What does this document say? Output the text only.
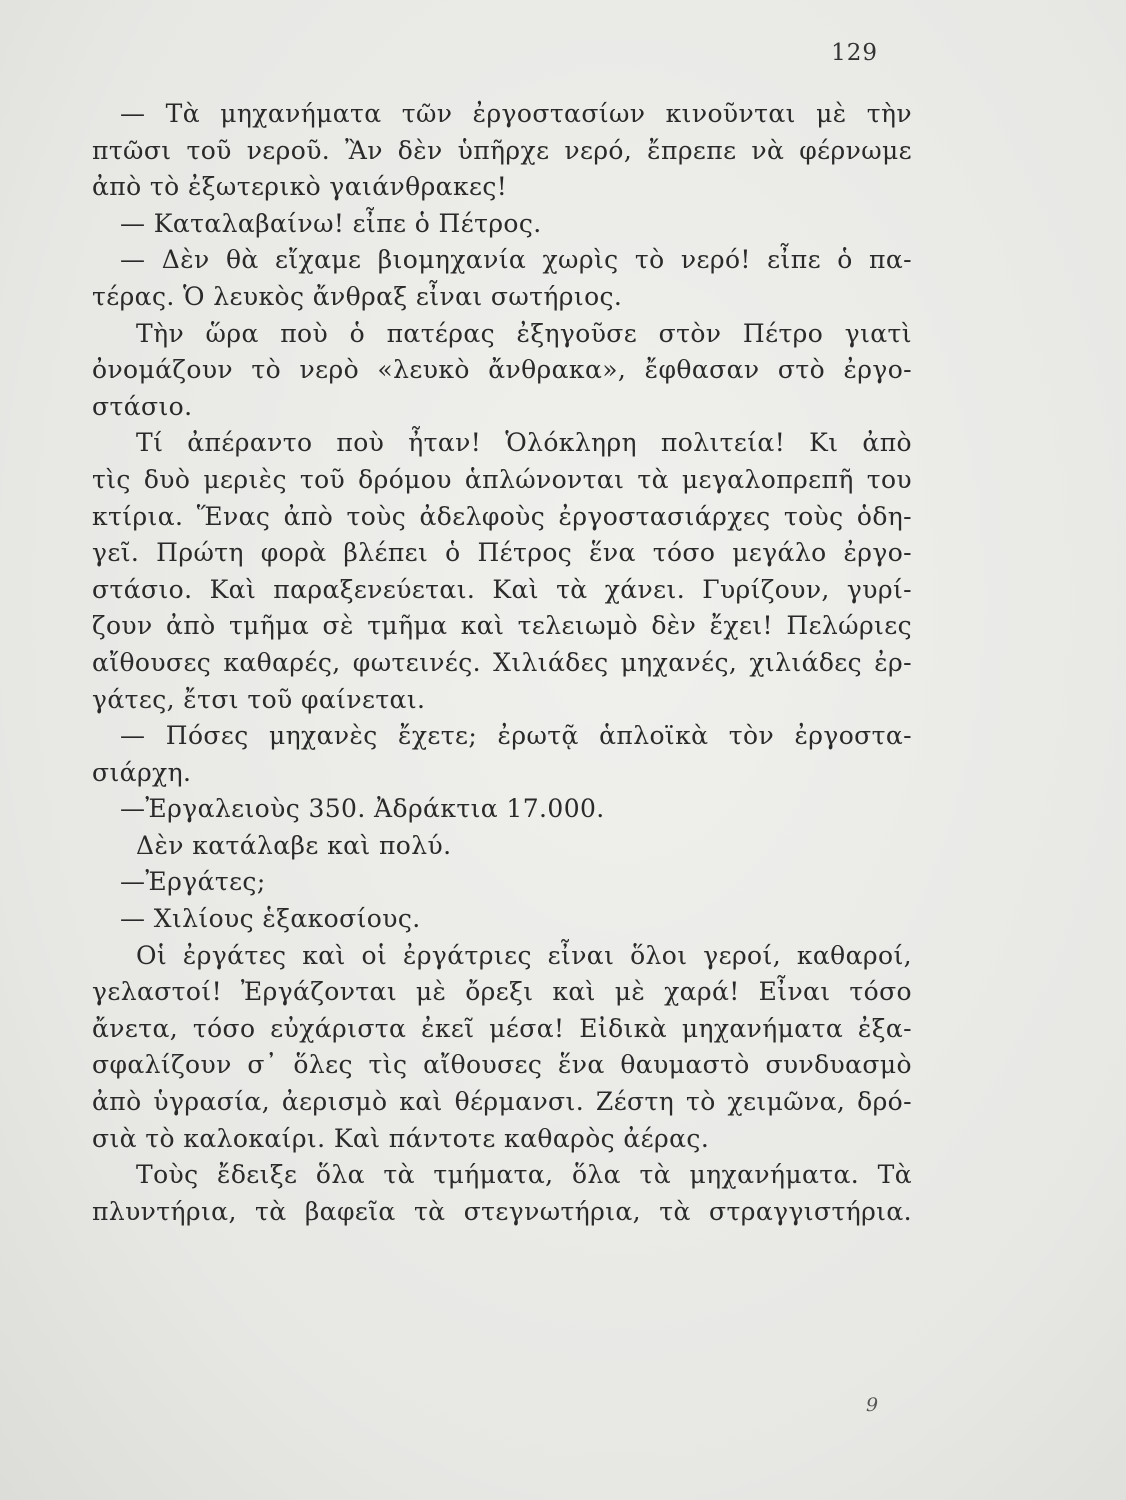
129
— Τὰ μηχανήματα τῶν ἐργοστασίων κινοῦνται μὲ τὴν
πτῶσι τοῦ νεροῦ. Ἂν δὲν ὑπῆρχε νερό, ἔπρεπε νὰ φέρνωμε
ἀπὸ τὸ ἐξωτερικὸ γαιάνθρακες!
— Καταλαβαίνω! εἶπε ὁ Πέτρος.
— Δὲν θὰ εἴχαμε βιομηχανία χωρὶς τὸ νερό! εἶπε ὁ πα-
τέρας. Ὁ λευκὸς ἄνθραξ εἶναι σωτήριος.
Τὴν ὥρα ποὺ ὁ πατέρας ἐξηγοῦσε στὸν Πέτρο γιατὶ
ὀνομάζουν τὸ νερὸ «λευκὸ ἄνθρακα», ἔφθασαν στὸ ἐργο-
στάσιο.
Τί ἀπέραντο ποὺ ἦταν! Ὁλόκληρη πολιτεία! Κι ἀπὸ
τὶς δυὸ μεριὲς τοῦ δρόμου ἁπλώνονται τὰ μεγαλοπρεπῆ του
κτίρια. Ἕνας ἀπὸ τοὺς ἀδελφοὺς ἐργοστασιάρχες τοὺς ὁδη-
γεῖ. Πρώτη φορὰ βλέπει ὁ Πέτρος ἕνα τόσο μεγάλο ἐργο-
στάσιο. Καὶ παραξενεύεται. Καὶ τὰ χάνει. Γυρίζουν, γυρί-
ζουν ἀπὸ τμῆμα σὲ τμῆμα καὶ τελειωμὸ δὲν ἔχει! Πελώριες
αἴθουσες καθαρές, φωτεινές. Χιλιάδες μηχανές, χιλιάδες ἐρ-
γάτες, ἔτσι τοῦ φαίνεται.
— Πόσες μηχανὲς ἔχετε; ἐρωτᾷ ἁπλοϊκὰ τὸν ἐργοστα-
σιάρχη.
—Ἐργαλειοὺς 350. Ἀδράκτια 17.000.
Δὲν κατάλαβε καὶ πολύ.
—Ἐργάτες;
— Χιλίους ἑξακοσίους.
Οἱ ἐργάτες καὶ οἱ ἐργάτριες εἶναι ὅλοι γεροί, καθαροί,
γελαστοί! Ἐργάζονται μὲ ὄρεξι καὶ μὲ χαρά! Εἶναι τόσο
ἄνετα, τόσο εὐχάριστα ἐκεῖ μέσα! Εἰδικὰ μηχανήματα ἐξα-
σφαλίζουν σ᾽ ὅλες τὶς αἴθουσες ἕνα θαυμαστὸ συνδυασμὸ
ἀπὸ ὑγρασία, ἀερισμὸ καὶ θέρμανσι. Ζέστη τὸ χειμῶνα, δρό-
σιὰ τὸ καλοκαίρι. Καὶ πάντοτε καθαρὸς ἀέρας.
Τοὺς ἔδειξε ὅλα τὰ τμήματα, ὅλα τὰ μηχανήματα. Τὰ
πλυντήρια, τὰ βαφεῖα τὰ στεγνωτήρια, τὰ στραγγιστήρια.
9
